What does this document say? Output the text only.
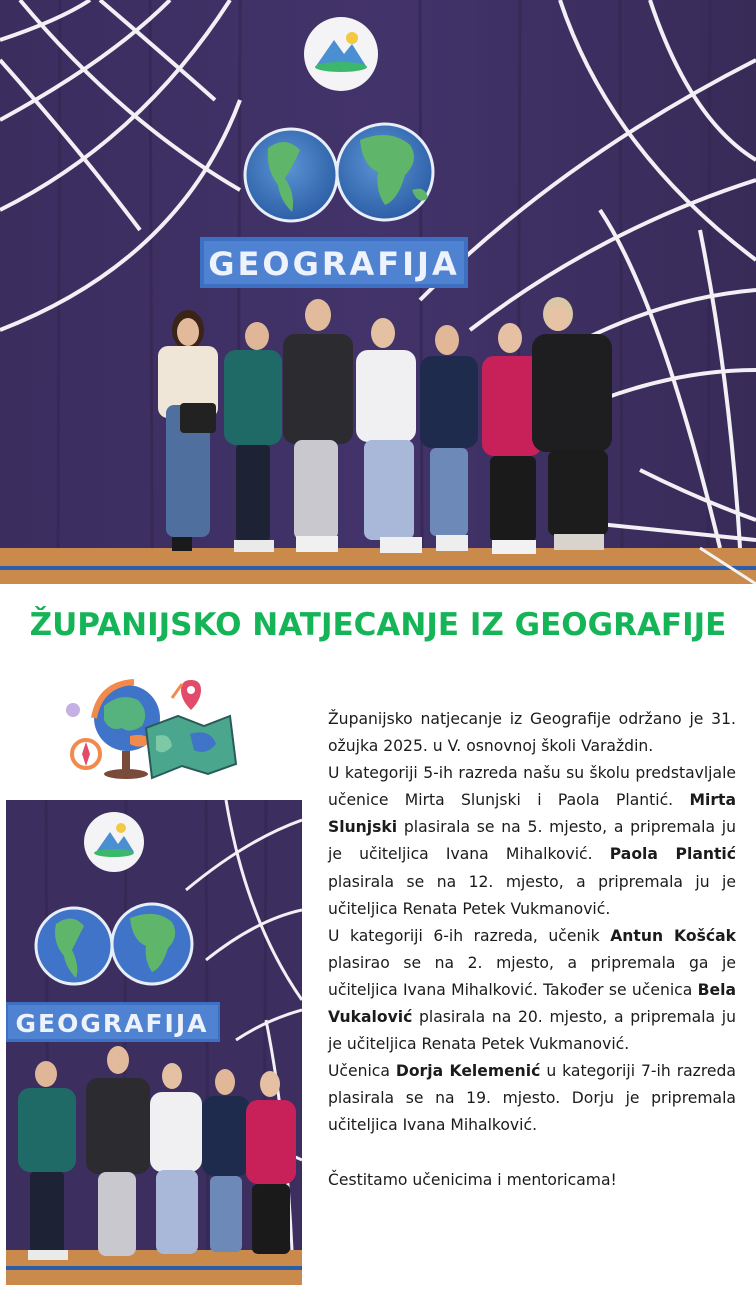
GEOGRAFIJA
ŽUPANIJSKO NATJECANJE IZ GEOGRAFIJE
GEOGRAFIJA

Županijsko natjecanje iz Geografije održano je 31. ožujka 2025. u V. osnovnoj školi Varaždin.

U kategoriji 5-ih razreda našu su školu predstavljale učenice Mirta Slunjski i Paola Plantić. Mirta Slunjski plasirala se na 5. mjesto, a pripremala ju je učiteljica Ivana Mihalković. Paola Plantić plasirala se na 12. mjesto, a pripremala ju je učiteljica Renata Petek Vukmanović.

U kategoriji 6-ih razreda, učenik Antun Košćak plasirao se na 2. mjesto, a pripremala ga je učiteljica Ivana Mihalković. Također se učenica Bela Vukalović plasirala na 20. mjesto, a pripremala ju je učiteljica Renata Petek Vukmanović.

Učenica Dorja Kelemenić u kategoriji 7-ih razreda plasirala se na 19. mjesto. Dorju je pripremala učiteljica Ivana Mihalković.

Čestitamo učenicima i mentoricama!
